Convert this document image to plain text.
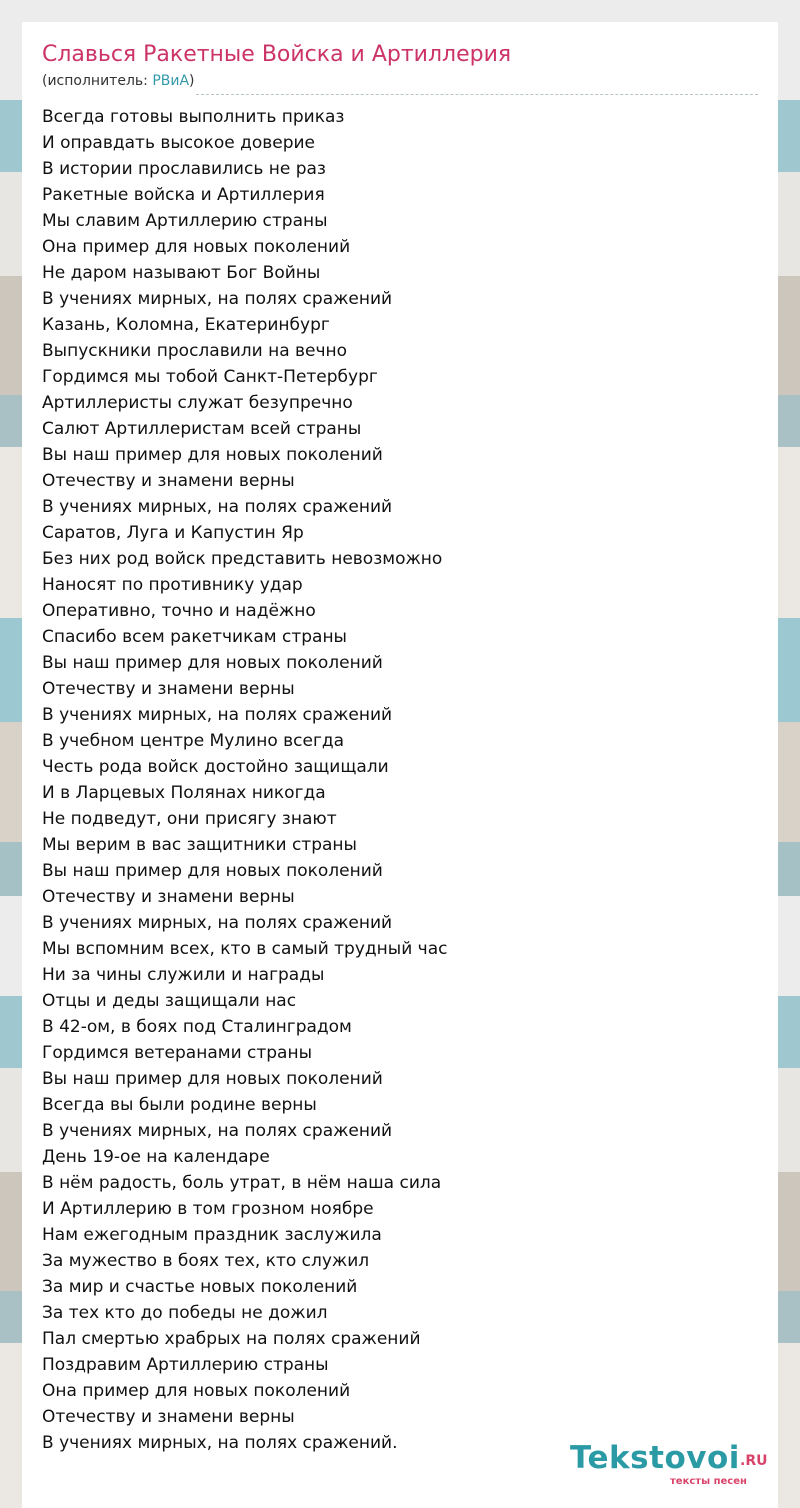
Славься Ракетные Войска и Артиллерия
(исполнитель: РВиА)
Всегда готовы выполнить приказ
И оправдать высокое доверие
В истории прославились не раз
Ракетные войска и Артиллерия
Мы славим Артиллерию страны
Она пример для новых поколений
Не даром называют Бог Войны
В учениях мирных, на полях сражений
Казань, Коломна, Екатеринбург
Выпускники прославили на вечно
Гордимся мы тобой Санкт-Петербург
Артиллеристы служат безупречно
Салют Артиллеристам всей страны
Вы наш пример для новых поколений
Отечеству и знамени верны
В учениях мирных, на полях сражений
Саратов, Луга и Капустин Яр
Без них род войск представить невозможно
Наносят по противнику удар
Оперативно, точно и надёжно
Спасибо всем ракетчикам страны
Вы наш пример для новых поколений
Отечеству и знамени верны
В учениях мирных, на полях сражений
В учебном центре Мулино всегда
Честь рода войск достойно защищали
И в Ларцевых Полянах никогда
Не подведут, они присягу знают
Мы верим в вас защитники страны
Вы наш пример для новых поколений
Отечеству и знамени верны
В учениях мирных, на полях сражений
Мы вспомним всех, кто в самый трудный час
Ни за чины служили и награды
Отцы и деды защищали нас
В 42-ом, в боях под Сталинградом
Гордимся ветеранами страны
Вы наш пример для новых поколений
Всегда вы были родине верны
В учениях мирных, на полях сражений
День 19-ое на календаре
В нём радость, боль утрат, в нём наша сила
И Артиллерию в том грозном ноябре
Нам ежегодным праздник заслужила
За мужество в боях тех, кто служил
За мир и счастье новых поколений
За тех кто до победы не дожил
Пал смертью храбрых на полях сражений
Поздравим Артиллерию страны
Она пример для новых поколений
Отечеству и знамени верны
В учениях мирных, на полях сражений.	Tekstovoi .RU
тексты песен
